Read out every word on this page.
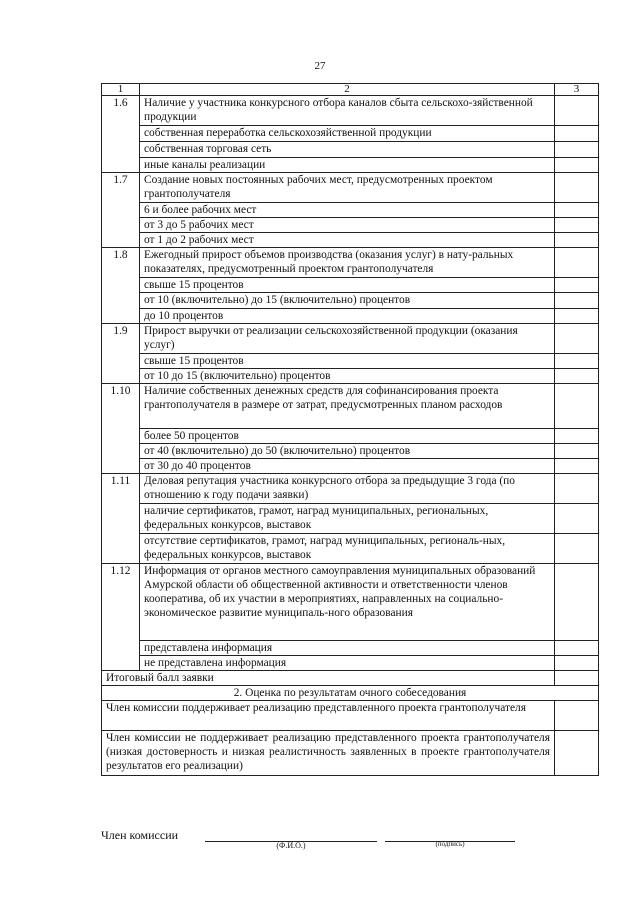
27
1	2	3
1.6	Наличие у участника конкурсного отбора каналов сбыта сельскохо-зяйственной продукции	
	собственная переработка сельскохозяйственной продукции	
	собственная торговая сеть	
	иные каналы реализации	
1.7	Создание новых постоянных рабочих мест, предусмотренных проектом грантополучателя	
	6 и более рабочих мест	
	от 3 до 5 рабочих мест	
	от 1 до 2 рабочих мест	
1.8	Ежегодный прирост объемов производства (оказания услуг) в нату-ральных показателях, предусмотренный проектом грантополучателя	
	свыше 15 процентов	
	от 10 (включительно) до 15 (включительно) процентов	
	до 10 процентов	
1.9	Прирост выручки от реализации сельскохозяйственной продукции (оказания услуг)	
	свыше 15 процентов	
	от 10 до 15 (включительно) процентов	
1.10	Наличие собственных денежных средств для софинансирования проекта грантополучателя в размере от затрат, предусмотренных планом расходов	
	более 50 процентов	
	от 40 (включительно) до 50 (включительно) процентов	
	от 30 до 40 процентов	
1.11	Деловая репутация участника конкурсного отбора за предыдущие 3 года (по отношению к году подачи заявки)	
	наличие сертификатов, грамот, наград муниципальных, региональных, федеральных конкурсов, выставок	
	отсутствие сертификатов, грамот, наград муниципальных, региональ-ных, федеральных конкурсов, выставок	
1.12	Информация от органов местного самоуправления муниципальных образований Амурской области об общественной активности и ответственности членов кооператива, об их участии в мероприятиях, направленных на социально-экономическое развитие муниципаль-ного образования	
	представлена информация	
	не представлена информация	
Итоговый балл заявки		
2. Оценка по результатам очного собеседования		
Член комиссии поддерживает реализацию представленного проекта грантополучателя		
Член комиссии не поддерживает реализацию представленного проекта грантополучателя (низкая достоверность и низкая реалистичность заявленных в проекте грантополучателя результатов его реализации)		
Член комиссии
(Ф.И.О.)	(подпись)
